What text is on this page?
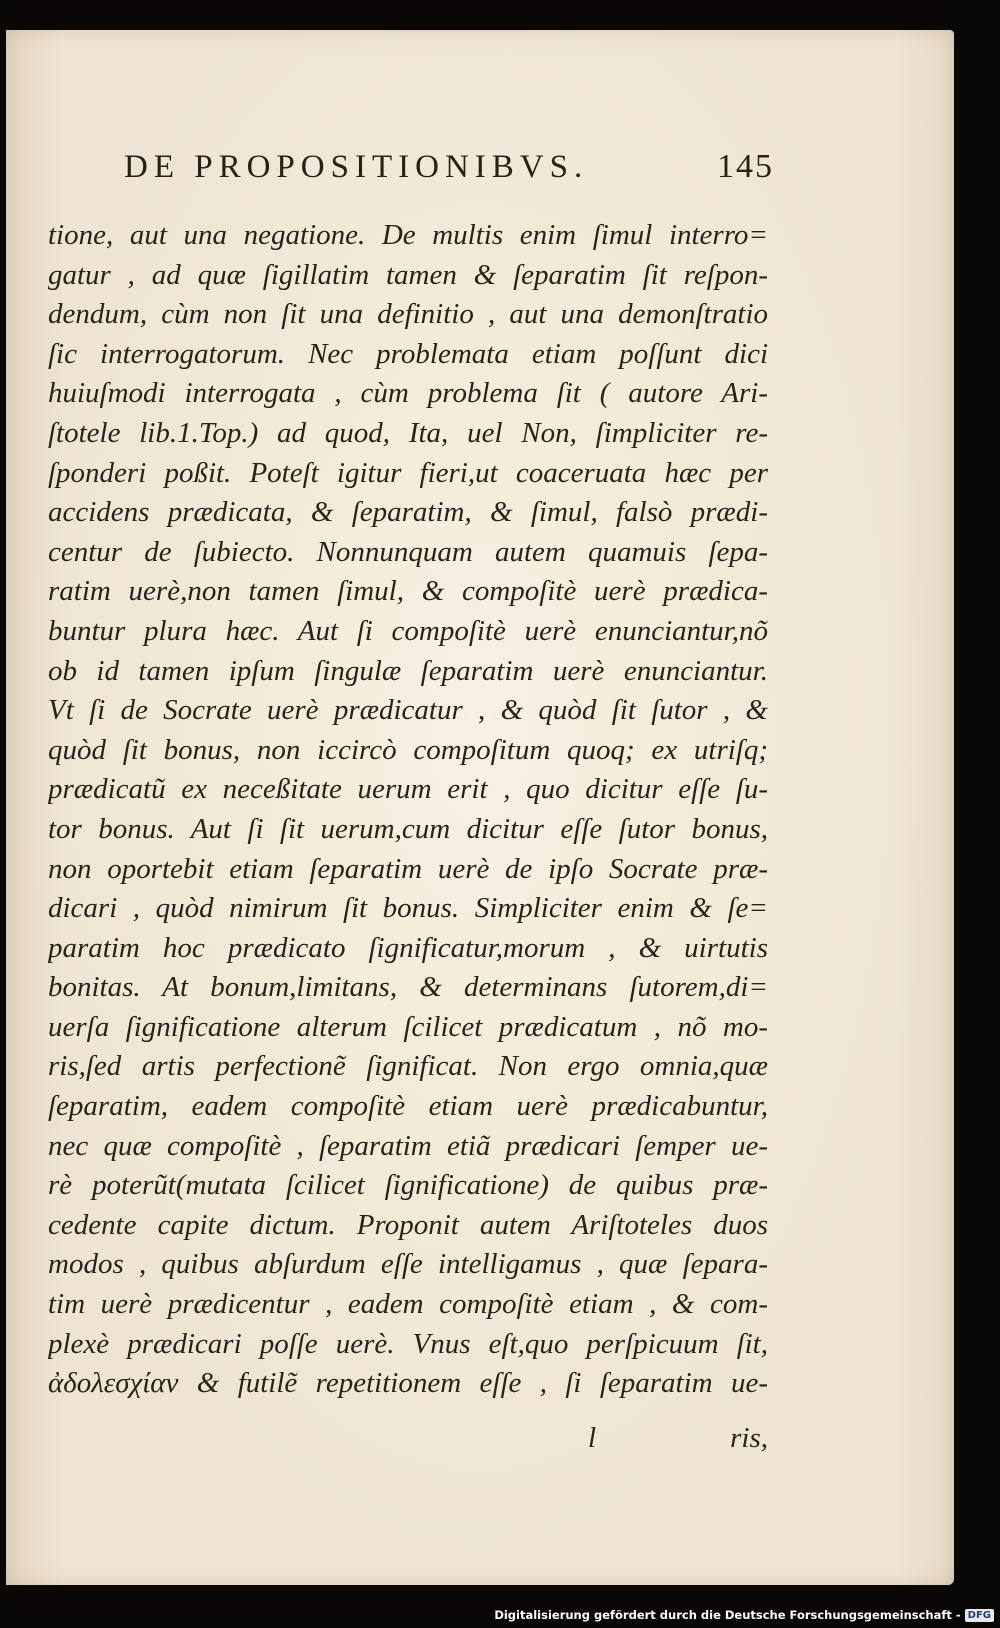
DE PROPOSITIONIBVS.	145
tione, aut una negatione. De multis enim ſimul interro=
gatur , ad quæ ſigillatim tamen & ſeparatim ſit reſpon-
dendum, cùm non ſit una definitio , aut una demonſtratio
ſic interrogatorum. Nec problemata etiam poſſunt dici
huiuſmodi interrogata , cùm problema ſit ( autore Ari-
ſtotele lib.1.Top.) ad quod, Ita, uel Non, ſimpliciter re-
ſponderi poßit. Poteſt igitur fieri,ut coaceruata hæc per
accidens prædicata, & ſeparatim, & ſimul, falsò prædi-
centur de ſubiecto. Nonnunquam autem quamuis ſepa-
ratim uerè,non tamen ſimul, & compoſitè uerè prædica-
buntur plura hæc. Aut ſi compoſitè uerè enunciantur,nõ
ob id tamen ipſum ſingulæ ſeparatim uerè enunciantur.
Vt ſi de Socrate uerè prædicatur , & quòd ſit ſutor , &
quòd ſit bonus, non iccircò compoſitum quoq; ex utriſq;
prædicatũ ex neceßitate uerum erit , quo dicitur eſſe ſu-
tor bonus. Aut ſi ſit uerum,cum dicitur eſſe ſutor bonus,
non oportebit etiam ſeparatim uerè de ipſo Socrate præ-
dicari , quòd nimirum ſit bonus. Simpliciter enim & ſe=
paratim hoc prædicato ſignificatur,morum , & uirtutis
bonitas. At bonum,limitans, & determinans ſutorem,di=
uerſa ſignificatione alterum ſcilicet prædicatum , nõ mo-
ris,ſed artis perfectionẽ ſignificat. Non ergo omnia,quæ
ſeparatim, eadem compoſitè etiam uerè prædicabuntur,
nec quæ compoſitè , ſeparatim etiã prædicari ſemper ue-
rè poterũt(mutata ſcilicet ſignificatione) de quibus præ-
cedente capite dictum. Proponit autem Ariſtoteles duos
modos , quibus abſurdum eſſe intelligamus , quæ ſepara-
tim uerè prædicentur , eadem compoſitè etiam , & com-
plexè prædicari poſſe uerè. Vnus eſt,quo perſpicuum ſit,
ἀδολεσχίαν & futilẽ repetitionem eſſe , ſi ſeparatim ue-
l	ris,
Digitalisierung gefördert durch die Deutsche Forschungsgemeinschaft - DFG
